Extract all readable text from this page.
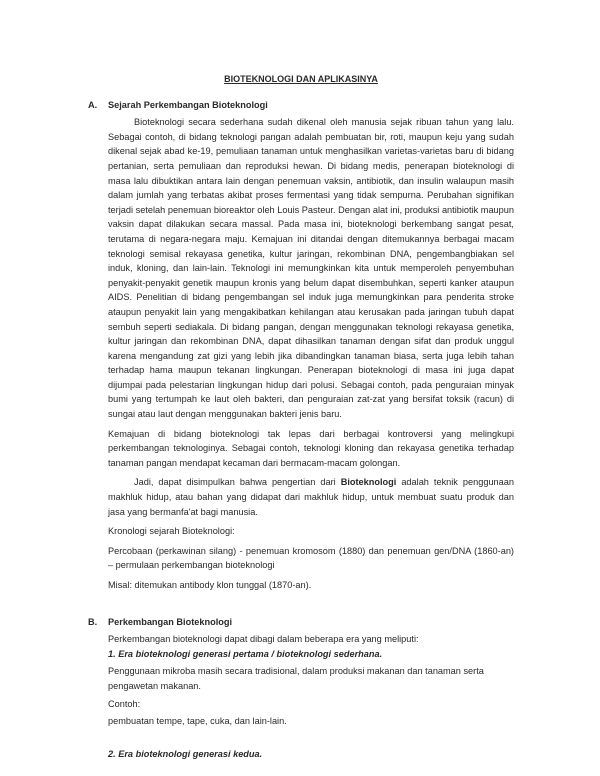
BIOTEKNOLOGI DAN APLIKASINYA
A.	Sejarah Perkembangan Bioteknologi

Bioteknologi secara sederhana sudah dikenal oleh manusia sejak ribuan tahun yang lalu. Sebagai contoh, di bidang teknologi pangan adalah pembuatan bir, roti, maupun keju yang sudah dikenal sejak abad ke-19, pemuliaan tanaman untuk menghasilkan varietas-varietas baru di bidang pertanian, serta pemuliaan dan reproduksi hewan. Di bidang medis, penerapan bioteknologi di masa lalu dibuktikan antara lain dengan penemuan vaksin, antibiotik, dan insulin walaupun masih dalam jumlah yang terbatas akibat proses fermentasi yang tidak sempurna. Perubahan signifikan terjadi setelah penemuan bioreaktor oleh Louis Pasteur. Dengan alat ini, produksi antibiotik maupun vaksin dapat dilakukan secara massal. Pada masa ini, bioteknologi berkembang sangat pesat, terutama di negara-negara maju. Kemajuan ini ditandai dengan ditemukannya berbagai macam teknologi semisal rekayasa genetika, kultur jaringan, rekombinan DNA, pengembangbiakan sel induk, kloning, dan lain-lain. Teknologi ini memungkinkan kita untuk memperoleh penyembuhan penyakit-penyakit genetik maupun kronis yang belum dapat disembuhkan, seperti kanker ataupun AIDS. Penelitian di bidang pengembangan sel induk juga memungkinkan para penderita stroke ataupun penyakit lain yang mengakibatkan kehilangan atau kerusakan pada jaringan tubuh dapat sembuh seperti sediakala. Di bidang pangan, dengan menggunakan teknologi rekayasa genetika, kultur jaringan dan rekombinan DNA, dapat dihasilkan tanaman dengan sifat dan produk unggul karena mengandung zat gizi yang lebih jika dibandingkan tanaman biasa, serta juga lebih tahan terhadap hama maupun tekanan lingkungan. Penerapan bioteknologi di masa ini juga dapat dijumpai pada pelestarian lingkungan hidup dari polusi. Sebagai contoh, pada penguraian minyak bumi yang tertumpah ke laut oleh bakteri, dan penguraian zat-zat yang bersifat toksik (racun) di sungai atau laut dengan menggunakan bakteri jenis baru.

Kemajuan di bidang bioteknologi tak lepas dari berbagai kontroversi yang melingkupi perkembangan teknologinya. Sebagai contoh, teknologi kloning dan rekayasa genetika terhadap tanaman pangan mendapat kecaman dari bermacam-macam golongan.

Jadi, dapat disimpulkan bahwa pengertian dari Bioteknologi adalah teknik penggunaan makhluk hidup, atau bahan yang didapat dari makhluk hidup, untuk membuat suatu produk dan jasa yang bermanfa'at bagi manusia.

Kronologi sejarah Bioteknologi:

Percobaan (perkawinan silang) - penemuan kromosom (1880) dan penemuan gen/DNA (1860-an) – permulaan perkembangan bioteknologi

Misal: ditemukan antibody klon tunggal (1870-an).

B.	Perkembangan Bioteknologi

Perkembangan bioteknologi dapat dibagi dalam beberapa era yang meliputi:

1. Era bioteknologi generasi pertama / bioteknologi sederhana.

Penggunaan mikroba masih secara tradisional, dalam produksi makanan dan tanaman serta pengawetan makanan.

Contoh:

pembuatan tempe, tape, cuka, dan lain-lain.

2. Era bioteknologi generasi kedua.
